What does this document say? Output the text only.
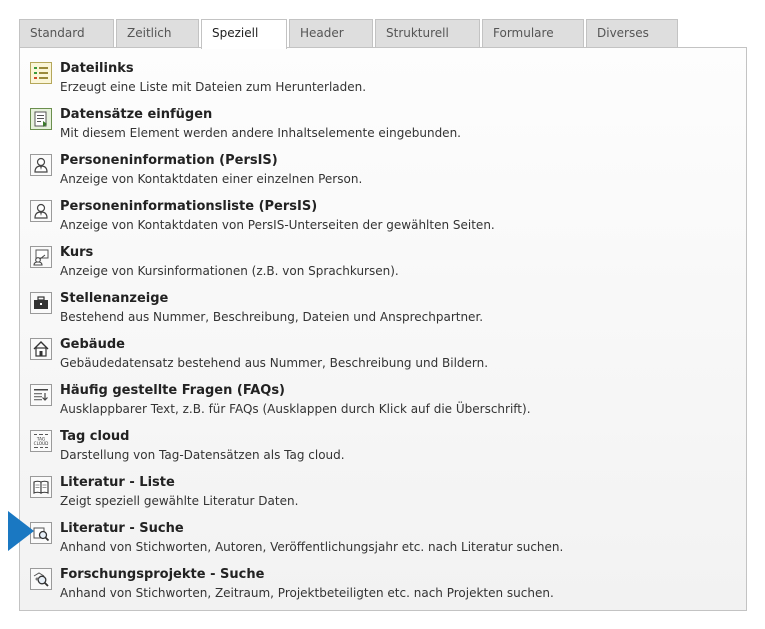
Standard	Zeitlich	Speziell	Header	Strukturell	Formulare	Diverses
Dateilinks
Erzeugt eine Liste mit Dateien zum Herunterladen.
Datensätze einfügen
Mit diesem Element werden andere Inhaltselemente eingebunden.
Personeninformation (PersIS)
Anzeige von Kontaktdaten einer einzelnen Person.
Personeninformationsliste (PersIS)
Anzeige von Kontaktdaten von PersIS-Unterseiten der gewählten Seiten.
Kurs
Anzeige von Kursinformationen (z.B. von Sprachkursen).
Stellenanzeige
Bestehend aus Nummer, Beschreibung, Dateien und Ansprechpartner.
Gebäude
Gebäudedatensatz bestehend aus Nummer, Beschreibung und Bildern.
Häufig gestellte Fragen (FAQs)
Ausklappbarer Text, z.B. für FAQs (Ausklappen durch Klick auf die Überschrift).
TAG
CLOUD Tag cloud
Darstellung von Tag-Datensätzen als Tag cloud.
Literatur - Liste
Zeigt speziell gewählte Literatur Daten.
Literatur - Suche
Anhand von Stichworten, Autoren, Veröffentlichungsjahr etc. nach Literatur suchen.
Forschungsprojekte - Suche
Anhand von Stichworten, Zeitraum, Projektbeteiligten etc. nach Projekten suchen.
